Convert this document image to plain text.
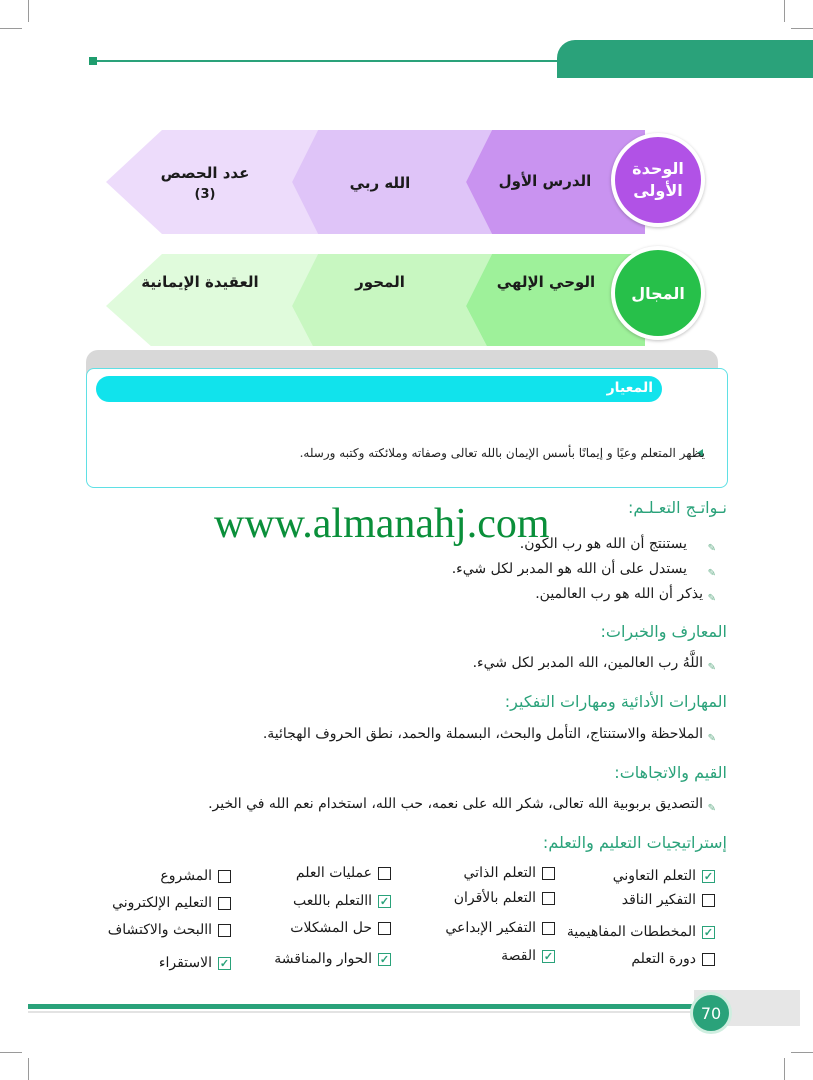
الوحدة
الأولى
المجال
الدرس الأول
الله ربي
عدد الحصص
(3)
الوحي الإلهي
المحور
العقيدة الإيمانية
المعيار
يظهر المتعلم وعيًا و إيمانًا بأسس الإيمان بالله تعالى وصفاته وملائكته وكتبه ورسله.
نـواتـج التعـلـم:
www.almanahj.com
✎
يستنتج أن الله هو رب الكون.
✎
يستدل على أن الله هو المدبر لكل شيء.
✎
يذكر أن الله هو رب العالمين.
المعارف والخبرات:
✎
اللَّهُ رب العالمين، الله المدبر لكل شيء.
المهارات الأدائية ومهارات التفكير:
✎
الملاحظة والاستنتاج، التأمل والبحث، البسملة والحمد، نطق الحروف الهجائية.
القيم والاتجاهات:
✎
التصديق بربوبية الله تعالى، شكر الله على نعمه، حب الله، استخدام نعم الله في الخير.
إستراتيجيات التعليم والتعلم:
✓
التعلم التعاوني
التفكير الناقد
✓
المخططات المفاهيمية
دورة التعلم
التعلم الذاتي
التعلم بالأقران
التفكير الإبداعي
✓
القصة
عمليات العلم
✓
االتعلم باللعب
حل المشكلات
✓
الحوار والمناقشة
المشروع
التعليم الإلكتروني
االبحث والاكتشاف
✓
الاستقراء
70
